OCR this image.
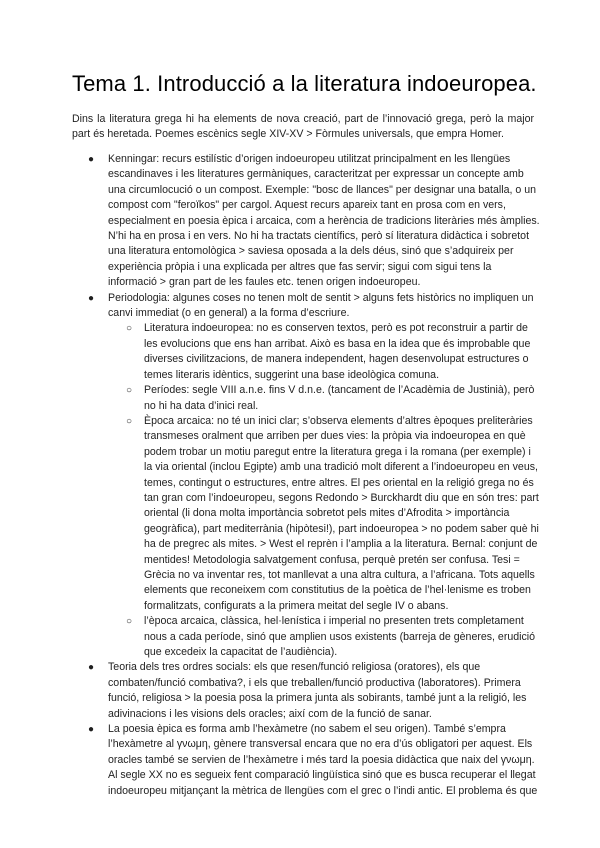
Tema 1. Introducció a la literatura indoeuropea.

Dins la literatura grega hi ha elements de nova creació, part de l’innovació grega, però la major part és heretada. Poemes escènics segle XIV-XV > Fòrmules universals, que empra Homer.

●	Kenningar: recurs estilístic d’origen indoeuropeu utilitzat principalment en les llengües escandinaves i les literatures germàniques, caracteritzat per expressar un concepte amb una circumlocució o un compost. Exemple: "bosc de llances" per designar una batalla, o un compost com "feroïkos" per cargol. Aquest recurs apareix tant en prosa com en vers, especialment en poesia èpica i arcaica, com a herència de tradicions literàries més àmplies. N’hi ha en prosa i en vers. No hi ha tractats científics, però sí literatura didàctica i sobretot una literatura entomològica > saviesa oposada a la dels déus, sinó que s’adquireix per experiència pròpia i una explicada per altres que fas servir; sigui com sigui tens la informació > gran part de les faules etc. tenen origen indoeuropeu.
●	Periodologia: algunes coses no tenen molt de sentit > alguns fets històrics no impliquen un canvi immediat (o en general) a la forma d’escriure.
○ Literatura indoeuropea: no es conserven textos, però es pot reconstruir a partir de les evolucions que ens han arribat. Això es basa en la idea que és improbable que diverses civilitzacions, de manera independent, hagen desenvolupat estructures o temes literaris idèntics, suggerint una base ideològica comuna.
○ Períodes: segle VIII a.n.e. fins V d.n.e. (tancament de l’Acadèmia de Justinià), però no hi ha data d’inici real.
○ Època arcaica: no té un inici clar; s’observa elements d’altres èpoques preliteràries transmeses oralment que arriben per dues vies: la pròpia via indoeuropea en què podem trobar un motiu paregut entre la literatura grega i la romana (per exemple) i la via oriental (inclou Egipte) amb una tradició molt diferent a l’indoeuropeu en veus, temes, contingut o estructures, entre altres. El pes oriental en la religió grega no és tan gran com l’indoeuropeu, segons Redondo > Burckhardt diu que en són tres: part oriental (li dona molta importància sobretot pels mites d’Afrodita > importància geogràfica), part mediterrània (hipòtesi!), part indoeuropea > no podem saber què hi ha de pregrec als mites. > West el reprèn i l’amplia a la literatura. Bernal: conjunt de mentides! Metodologia salvatgement confusa, perquè pretén ser confusa. Tesi = Grècia no va inventar res, tot manllevat a una altra cultura, a l’africana. Tots aquells elements que reconeixem com constitutius de la poètica de l’hel·lenisme es troben formalitzats, configurats a la primera meitat del segle IV o abans.
○ l’època arcaica, clàssica, hel·lenística i imperial no presenten trets completament nous a cada període, sinó que amplien usos existents (barreja de gèneres, erudició que excedeix la capacitat de l’audiència).
●	Teoria dels tres ordres socials: els que resen/funció religiosa (oratores), els que combaten/funció combativa?, i els que treballen/funció productiva (laboratores). Primera funció, religiosa > la poesia posa la primera junta als sobirants, també junt a la religió, les adivinacions i les visions dels oracles; així com de la funció de sanar.
●	La poesia èpica es forma amb l’hexàmetre (no sabem el seu origen). També s’empra l’hexàmetre al γνωμη, gènere transversal encara que no era d’ús obligatori per aquest. Els oracles també se servien de l’hexàmetre i més tard la poesia didàctica que naix del γνωμη. Al segle XX no es segueix fent comparació lingüística sinó que es busca recuperar el llegat indoeuropeu mitjançant la mètrica de llengües com el grec o l’indi antic. El problema és que
